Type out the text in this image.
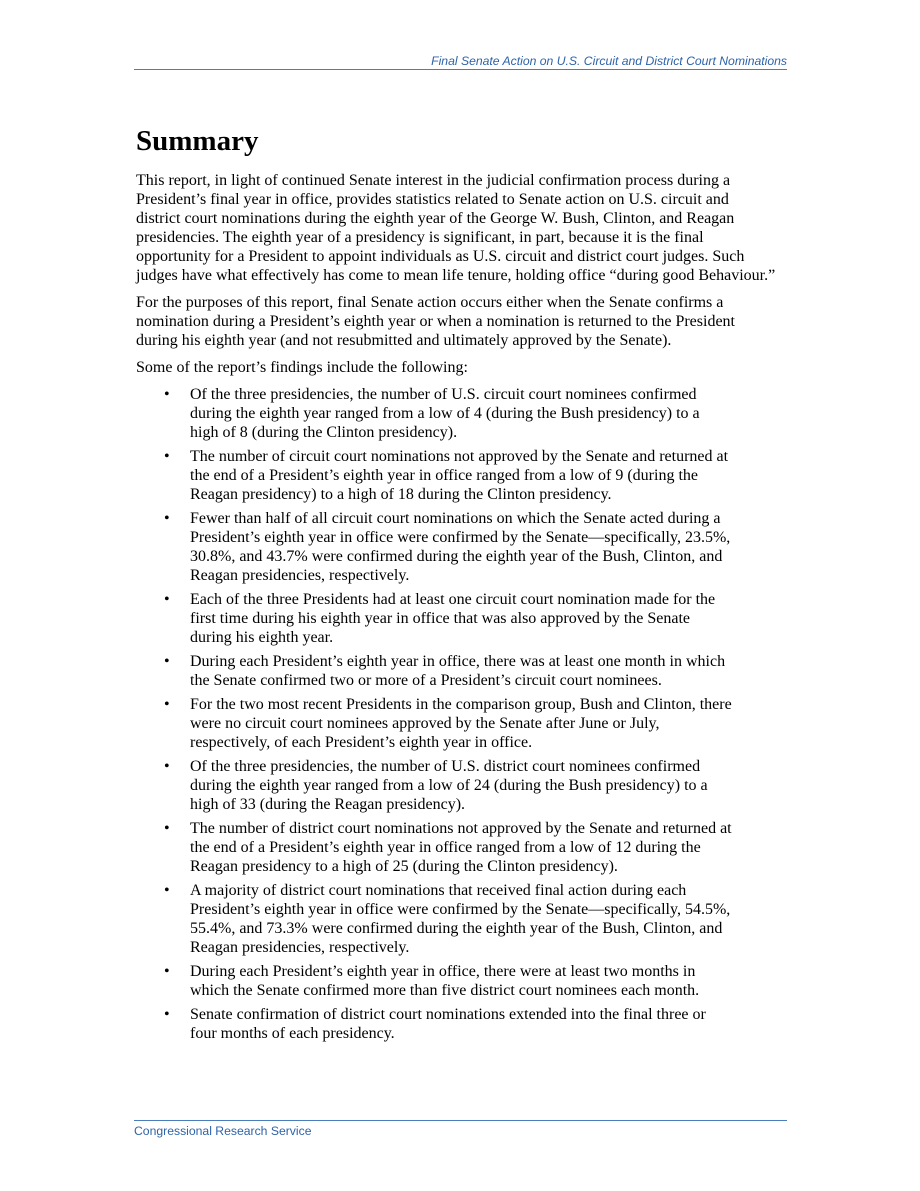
Final Senate Action on U.S. Circuit and District Court Nominations
Summary

This report, in light of continued Senate interest in the judicial confirmation process during a President’s final year in office, provides statistics related to Senate action on U.S. circuit and district court nominations during the eighth year of the George W. Bush, Clinton, and Reagan presidencies. The eighth year of a presidency is significant, in part, because it is the final opportunity for a President to appoint individuals as U.S. circuit and district court judges. Such judges have what effectively has come to mean life tenure, holding office “during good Behaviour.”

For the purposes of this report, final Senate action occurs either when the Senate confirms a nomination during a President’s eighth year or when a nomination is returned to the President during his eighth year (and not resubmitted and ultimately approved by the Senate).

Some of the report’s findings include the following:

• Of the three presidencies, the number of U.S. circuit court nominees confirmed during the eighth year ranged from a low of 4 (during the Bush presidency) to a high of 8 (during the Clinton presidency).
• The number of circuit court nominations not approved by the Senate and returned at the end of a President’s eighth year in office ranged from a low of 9 (during the Reagan presidency) to a high of 18 during the Clinton presidency.
• Fewer than half of all circuit court nominations on which the Senate acted during a President’s eighth year in office were confirmed by the Senate—specifically, 23.5%, 30.8%, and 43.7% were confirmed during the eighth year of the Bush, Clinton, and Reagan presidencies, respectively.
• Each of the three Presidents had at least one circuit court nomination made for the first time during his eighth year in office that was also approved by the Senate during his eighth year.
• During each President’s eighth year in office, there was at least one month in which the Senate confirmed two or more of a President’s circuit court nominees.
• For the two most recent Presidents in the comparison group, Bush and Clinton, there were no circuit court nominees approved by the Senate after June or July, respectively, of each President’s eighth year in office.
• Of the three presidencies, the number of U.S. district court nominees confirmed during the eighth year ranged from a low of 24 (during the Bush presidency) to a high of 33 (during the Reagan presidency).
• The number of district court nominations not approved by the Senate and returned at the end of a President’s eighth year in office ranged from a low of 12 during the Reagan presidency to a high of 25 (during the Clinton presidency).
• A majority of district court nominations that received final action during each President’s eighth year in office were confirmed by the Senate—specifically, 54.5%, 55.4%, and 73.3% were confirmed during the eighth year of the Bush, Clinton, and Reagan presidencies, respectively.
• During each President’s eighth year in office, there were at least two months in which the Senate confirmed more than five district court nominees each month.
• Senate confirmation of district court nominations extended into the final three or four months of each presidency.
Congressional Research Service
